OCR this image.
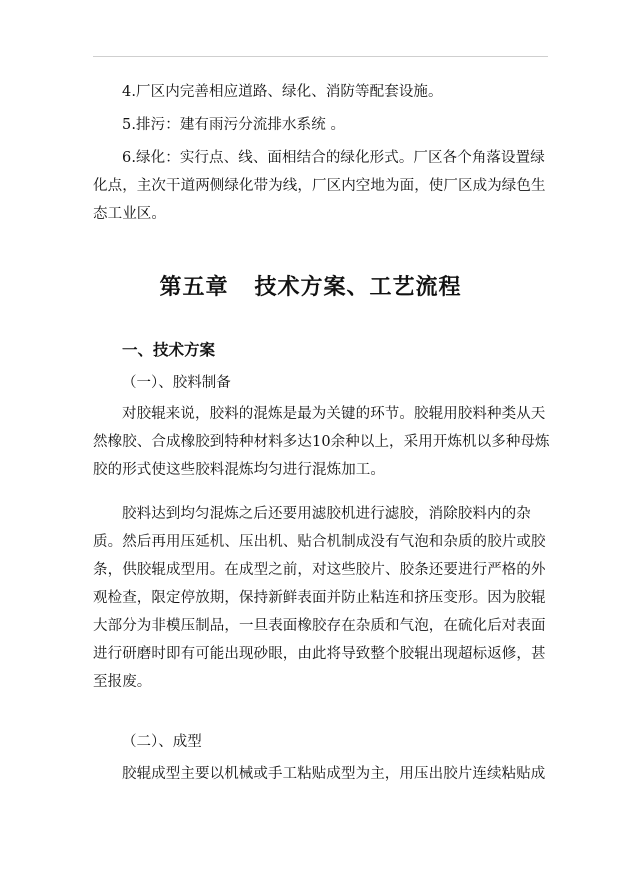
4.厂区内完善相应道路、绿化、消防等配套设施。

5.排污：建有雨污分流排水系统 。

6.绿化：实行点、线、面相结合的绿化形式。厂区各个角落设置绿化点，主次干道两侧绿化带为线，厂区内空地为面，使厂区成为绿色生态工业区。

第五章 技术方案、工艺流程

一、技术方案

（一）、胶料制备

对胶辊来说，胶料的混炼是最为关键的环节。胶辊用胶料种类从天然橡胶、合成橡胶到特种材料多达10余种以上，采用开炼机以多种母炼胶的形式使这些胶料混炼均匀进行混炼加工。

胶料达到均匀混炼之后还要用滤胶机进行滤胶，消除胶料内的杂质。然后再用压延机、压出机、贴合机制成没有气泡和杂质的胶片或胶条，供胶辊成型用。在成型之前，对这些胶片、胶条还要进行严格的外观检查，限定停放期，保持新鲜表面并防止粘连和挤压变形。因为胶辊大部分为非模压制品，一旦表面橡胶存在杂质和气泡，在硫化后对表面进行研磨时即有可能出现砂眼，由此将导致整个胶辊出现超标返修，甚至报废。

（二）、成型

胶辊成型主要以机械或手工粘贴成型为主，用压出胶片连续粘贴成
